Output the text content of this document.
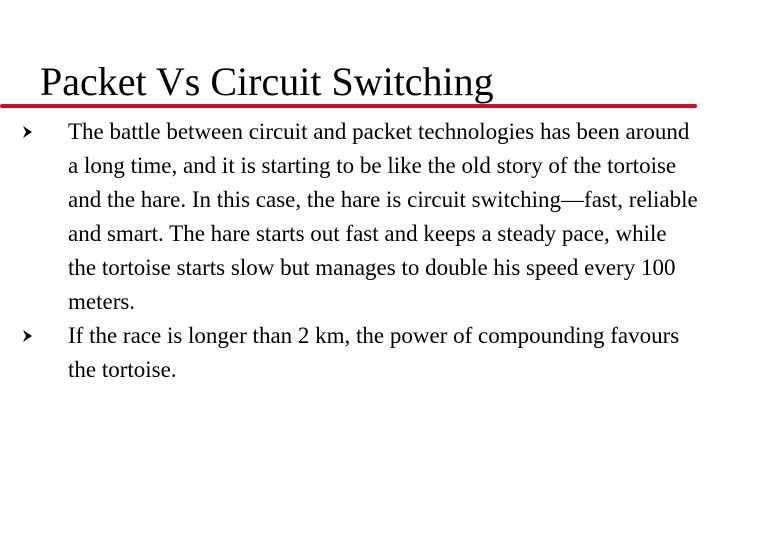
Packet Vs Circuit Switching
The battle between circuit and packet technologies has been around a long time, and it is starting to be like the old story of the tortoise and the hare. In this case, the hare is circuit switching—fast, reliable and smart. The hare starts out fast and keeps a steady pace, while the tortoise starts slow but manages to double his speed every 100 meters.
If the race is longer than 2 km, the power of compounding favours the tortoise.
